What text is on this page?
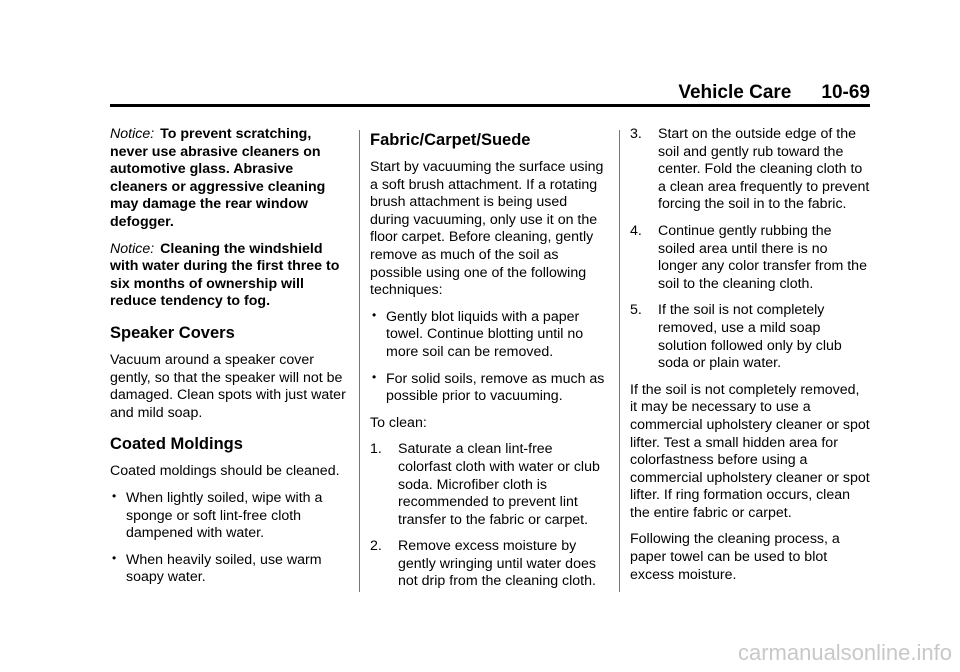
Vehicle Care 10-69

Notice: To prevent scratching, never use abrasive cleaners on automotive glass. Abrasive cleaners or aggressive cleaning may damage the rear window defogger.

Notice: Cleaning the windshield with water during the first three to six months of ownership will reduce tendency to fog.

Speaker Covers

Vacuum around a speaker cover gently, so that the speaker will not be damaged. Clean spots with just water and mild soap.

Coated Moldings

Coated moldings should be cleaned.

• When lightly soiled, wipe with a sponge or soft lint-free cloth dampened with water.
• When heavily soiled, use warm soapy water.
Fabric/Carpet/Suede

Start by vacuuming the surface using a soft brush attachment. If a rotating brush attachment is being used during vacuuming, only use it on the floor carpet. Before cleaning, gently remove as much of the soil as possible using one of the following techniques:

• Gently blot liquids with a paper towel. Continue blotting until no more soil can be removed.
• For solid soils, remove as much as possible prior to vacuuming.

To clean:

1. Saturate a clean lint-free colorfast cloth with water or club soda. Microfiber cloth is recommended to prevent lint transfer to the fabric or carpet.
2. Remove excess moisture by gently wringing until water does not drip from the cleaning cloth.
3. Start on the outside edge of the soil and gently rub toward the center. Fold the cleaning cloth to a clean area frequently to prevent forcing the soil in to the fabric.
4. Continue gently rubbing the soiled area until there is no longer any color transfer from the soil to the cleaning cloth.
5. If the soil is not completely removed, use a mild soap solution followed only by club soda or plain water.

If the soil is not completely removed, it may be necessary to use a commercial upholstery cleaner or spot lifter. Test a small hidden area for colorfastness before using a commercial upholstery cleaner or spot lifter. If ring formation occurs, clean the entire fabric or carpet.

Following the cleaning process, a paper towel can be used to blot excess moisture.

carmanualsonline.info
